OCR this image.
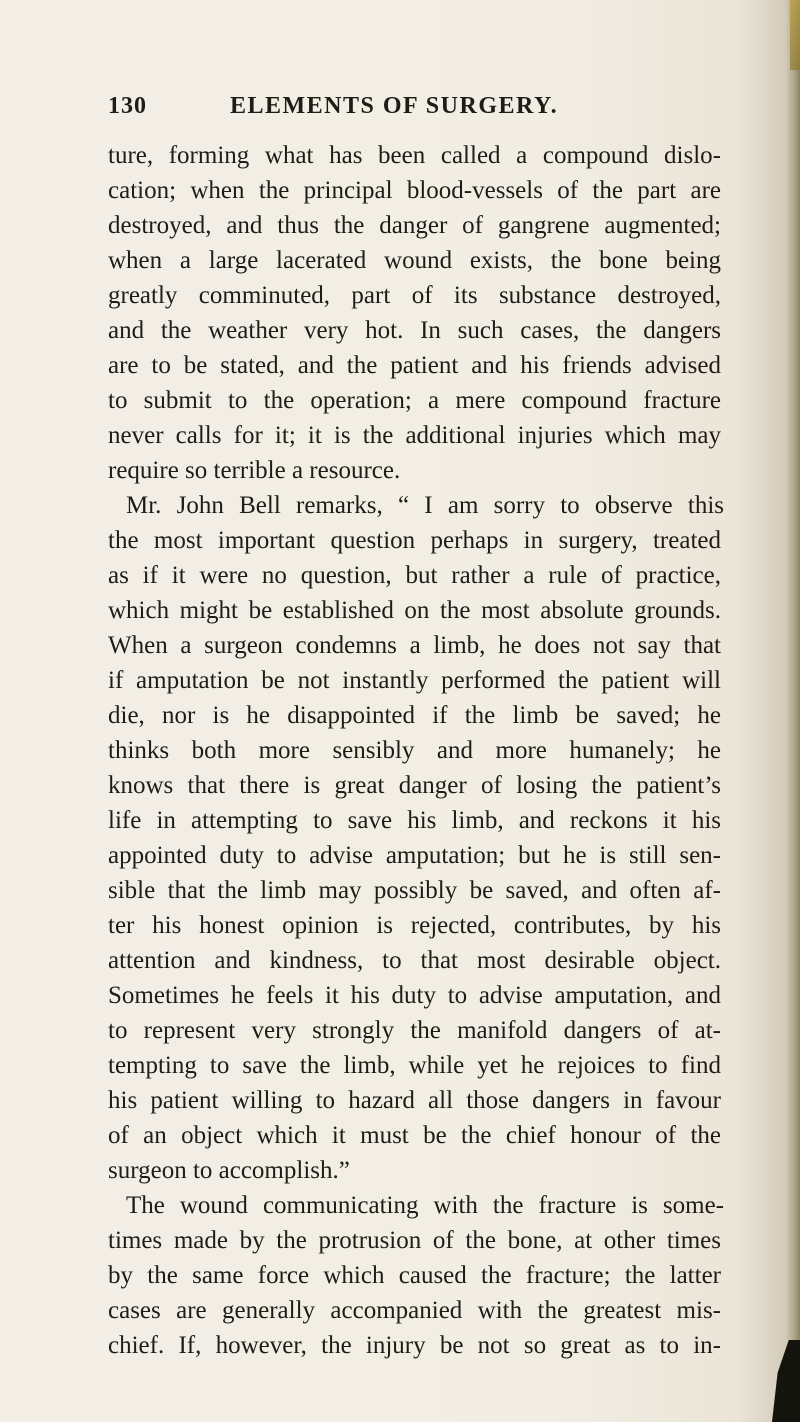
130	ELEMENTS OF SURGERY.
ture, forming what has been called a compound dislo-
cation; when the principal blood-vessels of the part are
destroyed, and thus the danger of gangrene augmented;
when a large lacerated wound exists, the bone being
greatly comminuted, part of its substance destroyed,
and the weather very hot. In such cases, the dangers
are to be stated, and the patient and his friends advised
to submit to the operation; a mere compound fracture
never calls for it; it is the additional injuries which may
require so terrible a resource.
Mr. John Bell remarks, “ I am sorry to observe this
the most important question perhaps in surgery, treated
as if it were no question, but rather a rule of practice,
which might be established on the most absolute grounds.
When a surgeon condemns a limb, he does not say that
if amputation be not instantly performed the patient will
die, nor is he disappointed if the limb be saved; he
thinks both more sensibly and more humanely; he
knows that there is great danger of losing the patient’s
life in attempting to save his limb, and reckons it his
appointed duty to advise amputation; but he is still sen-
sible that the limb may possibly be saved, and often af-
ter his honest opinion is rejected, contributes, by his
attention and kindness, to that most desirable object.
Sometimes he feels it his duty to advise amputation, and
to represent very strongly the manifold dangers of at-
tempting to save the limb, while yet he rejoices to find
his patient willing to hazard all those dangers in favour
of an object which it must be the chief honour of the
surgeon to accomplish.”
The wound communicating with the fracture is some-
times made by the protrusion of the bone, at other times
by the same force which caused the fracture; the latter
cases are generally accompanied with the greatest mis-
chief. If, however, the injury be not so great as to in-
